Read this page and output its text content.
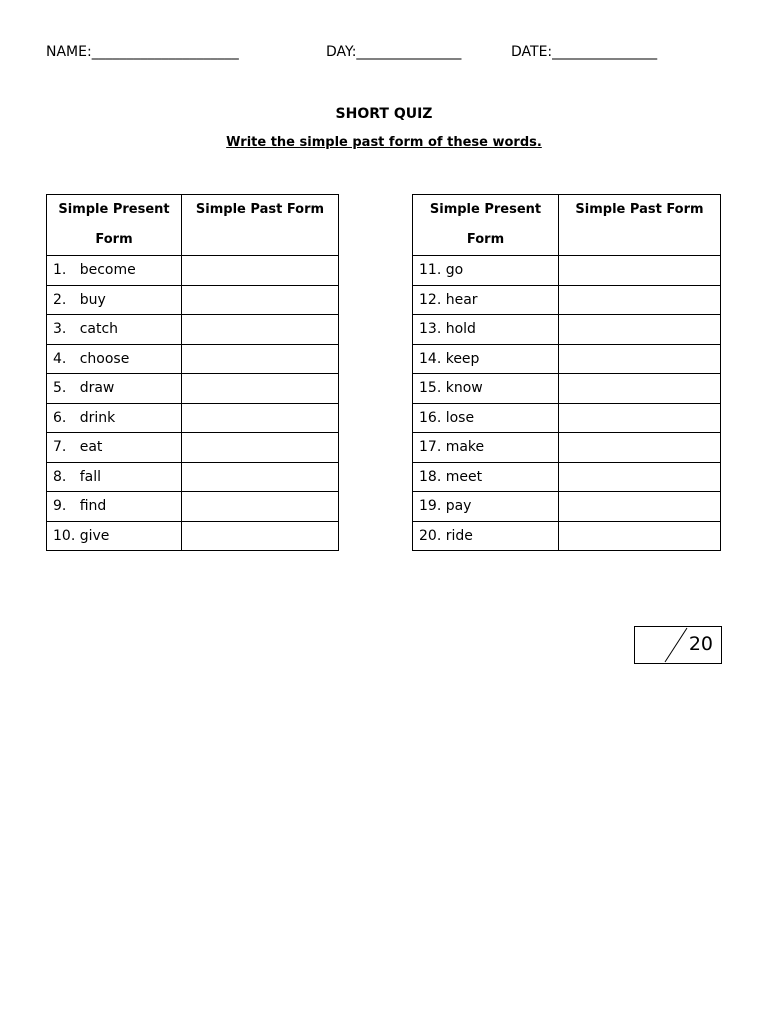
NAME:_____________________	DAY:_______________	DATE:_______________
SHORT QUIZ
Write the simple past form of these words.
Simple Present Form	Simple Past Form
1.   become	
2.   buy	
3.   catch	
4.   choose	
5.   draw	
6.   drink	
7.   eat	
8.   fall	
9.   find	
10. give	
Simple Present Form	Simple Past Form
11. go	
12. hear	
13. hold	
14. keep	
15. know	
16. lose	
17. make	
18. meet	
19. pay	
20. ride	
20
